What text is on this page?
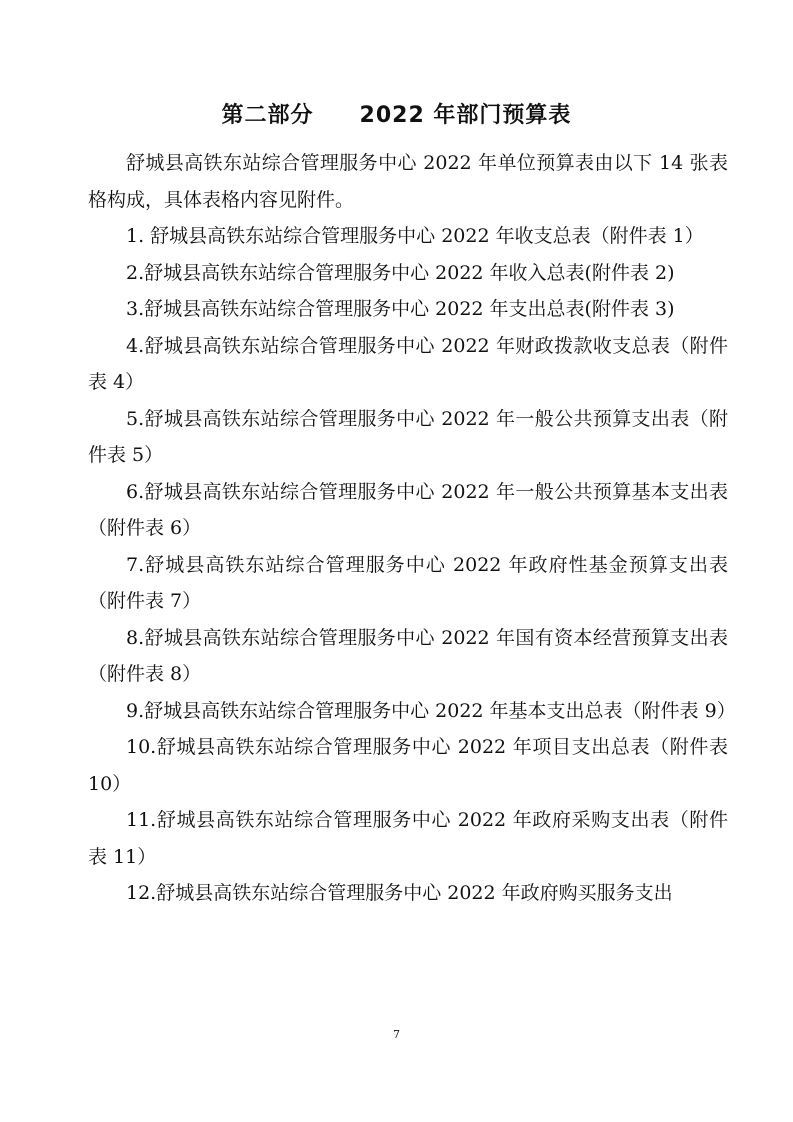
第二部分　　2022 年部门预算表

舒城县高铁东站综合管理服务中心 2022 年单位预算表由以下 14 张表格构成，具体表格内容见附件。

1. 舒城县高铁东站综合管理服务中心 2022 年收支总表（附件表 1）

2.舒城县高铁东站综合管理服务中心 2022 年收入总表(附件表 2)

3.舒城县高铁东站综合管理服务中心 2022 年支出总表(附件表 3)

4.舒城县高铁东站综合管理服务中心 2022 年财政拨款收支总表（附件表 4）

5.舒城县高铁东站综合管理服务中心 2022 年一般公共预算支出表（附件表 5）

6.舒城县高铁东站综合管理服务中心 2022 年一般公共预算基本支出表（附件表 6）

7.舒城县高铁东站综合管理服务中心 2022 年政府性基金预算支出表（附件表 7）

8.舒城县高铁东站综合管理服务中心 2022 年国有资本经营预算支出表（附件表 8）

9.舒城县高铁东站综合管理服务中心 2022 年基本支出总表（附件表 9）

10.舒城县高铁东站综合管理服务中心 2022 年项目支出总表（附件表 10）

11.舒城县高铁东站综合管理服务中心 2022 年政府采购支出表（附件表 11）

12.舒城县高铁东站综合管理服务中心 2022 年政府购买服务支出

7
